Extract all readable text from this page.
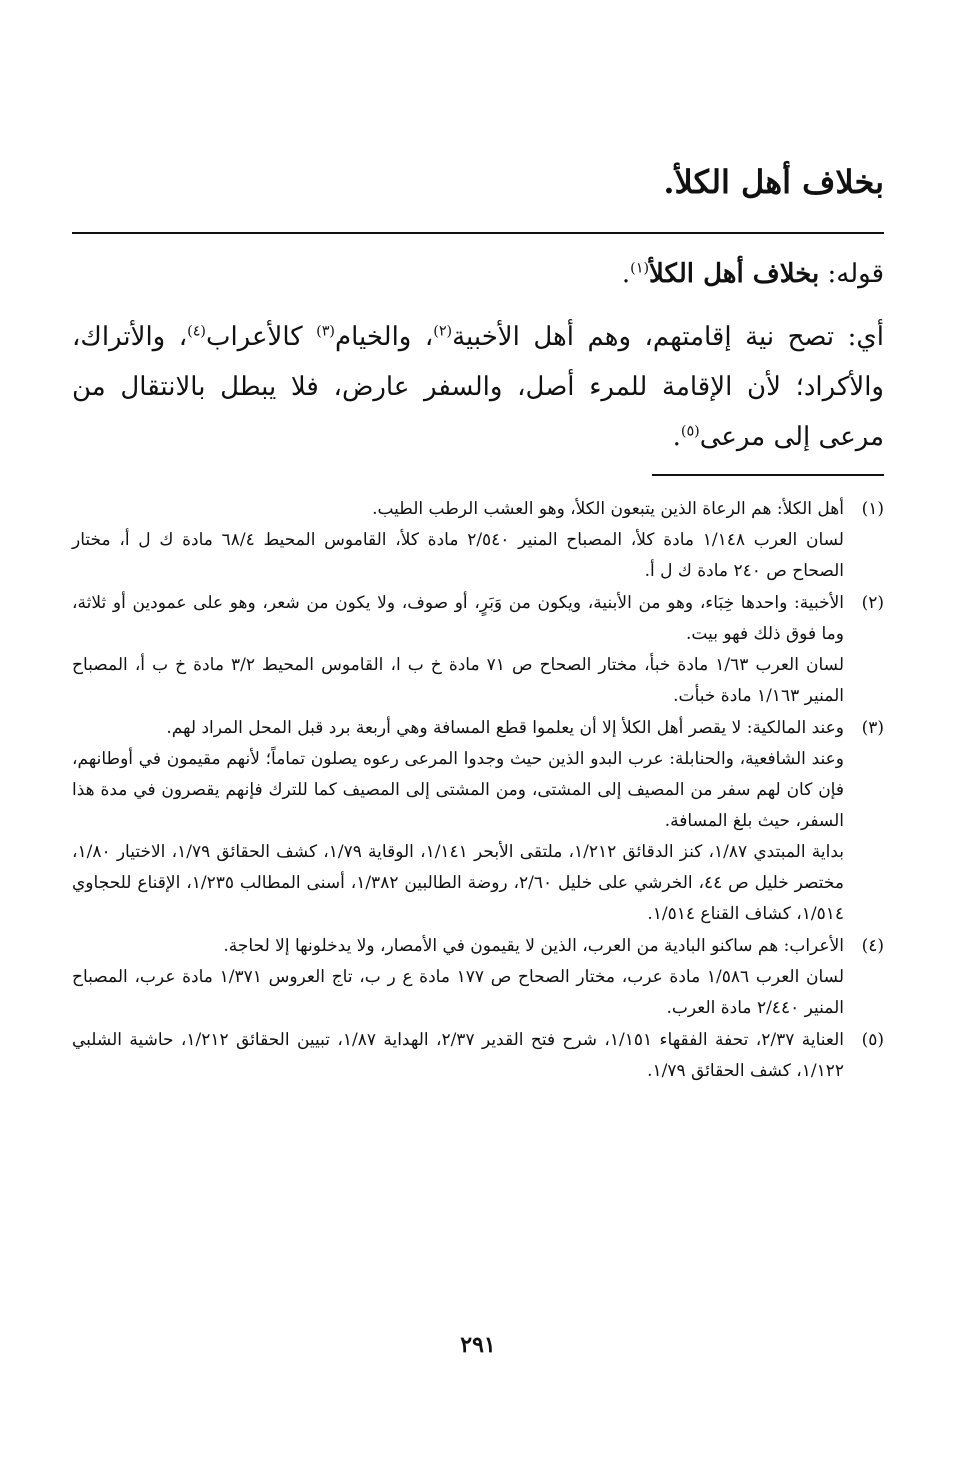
بخلاف أهل الكلأ.
قوله: بخلاف أهل الكلأ$^{(١)}$.
أي: تصح نية إقامتهم، وهم أهل الأخبية$^{(٢)}$، والخيام$^{(٣)}$ كالأعراب$^{(٤)}$، والأتراك، والأكراد؛ لأن الإقامة للمرء أصل، والسفر عارض، فلا يبطل بالانتقال من مرعى إلى مرعى$^{(٥)}$.
(١)

أهل الكلأ: هم الرعاة الذين يتبعون الكلأ، وهو العشب الرطب الطيب.

لسان العرب ١/١٤٨ مادة كلأ، المصباح المنير ٢/٥٤٠ مادة كلأ، القاموس المحيط ٦٨/٤ مادة ك ل أ، مختار الصحاح ص ٢٤٠ مادة ك ل أ.

(٢)

الأخبية: واحدها خِبَاء، وهو من الأبنية، ويكون من وَبَرٍ، أو صوف، ولا يكون من شعر، وهو على عمودين أو ثلاثة، وما فوق ذلك فهو بيت.

لسان العرب ١/٦٣ مادة خبأ، مختار الصحاح ص ٧١ مادة خ ب ا، القاموس المحيط ٣/٢ مادة خ ب أ، المصباح المنير ١/١٦٣ مادة خبأت.

(٣)

وعند المالكية: لا يقصر أهل الكلأ إلا أن يعلموا قطع المسافة وهي أربعة برد قبل المحل المراد لهم.

وعند الشافعية، والحنابلة: عرب البدو الذين حيث وجدوا المرعى رعوه يصلون تماماً؛ لأنهم مقيمون في أوطانهم، فإن كان لهم سفر من المصيف إلى المشتى، ومن المشتى إلى المصيف كما للترك فإنهم يقصرون في مدة هذا السفر، حيث بلغ المسافة.

بداية المبتدي ١/٨٧، كنز الدقائق ١/٢١٢، ملتقى الأبحر ١/١٤١، الوقاية ١/٧٩، كشف الحقائق ١/٧٩، الاختيار ١/٨٠، مختصر خليل ص ٤٤، الخرشي على خليل ٢/٦٠، روضة الطالبين ١/٣٨٢، أسنى المطالب ١/٢٣٥، الإقناع للحجاوي ١/٥١٤، كشاف القناع ١/٥١٤.

(٤)

الأعراب: هم ساكنو البادية من العرب، الذين لا يقيمون في الأمصار، ولا يدخلونها إلا لحاجة.

لسان العرب ١/٥٨٦ مادة عرب، مختار الصحاح ص ١٧٧ مادة ع ر ب، تاج العروس ١/٣٧١ مادة عرب، المصباح المنير ٢/٤٤٠ مادة العرب.

(٥)

العناية ٢/٣٧، تحفة الفقهاء ١/١٥١، شرح فتح القدير ٢/٣٧، الهداية ١/٨٧، تبيين الحقائق ١/٢١٢، حاشية الشلبي ١/١٢٢، كشف الحقائق ١/٧٩.

٢٩١
